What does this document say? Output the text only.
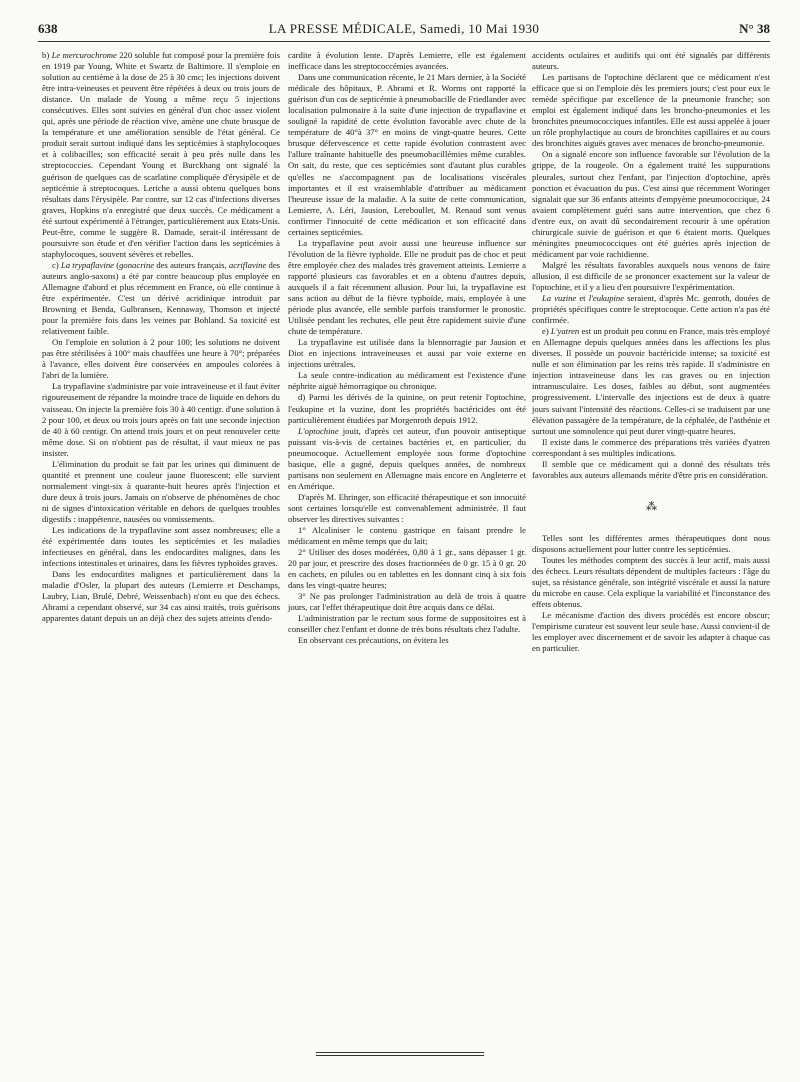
638	LA PRESSE MÉDICALE, Samedi, 10 Mai 1930	N° 38

b) Le mercurochrome 220 soluble fut composé pour la première fois en 1919 par Young, White et Swartz de Baltimore. Il s'emploie en solution au centième à la dose de 25 à 30 cmc; les injections doivent être intra-veineuses et peuvent être répétées à deux ou trois jours de distance. Un malade de Young a même reçu 5 injections consécutives. Elles sont suivies en général d'un choc assez violent qui, après une période de réaction vive, amène une chute brusque de la température et une amélioration sensible de l'état général. Ce produit serait surtout indiqué dans les septicémies à staphylocoques et à colibacilles; son efficacité serait à peu près nulle dans les streptococcies. Cependant Young et Burckhang ont signalé la guérison de quelques cas de scarlatine compliquée d'érysipèle et de septicémie à streptocoques. Leriche a aussi obtenu quelques bons résultats dans l'érysipèle. Par contre, sur 12 cas d'infections diverses graves, Hopkins n'a enregistré que deux succès. Ce médicament a été surtout expérimenté à l'étranger, particulièrement aux Etats-Unis. Peut-être, comme le suggère R. Damade, serait-il intéressant de poursuivre son étude et d'en vérifier l'action dans les septicémies à staphylocoques, souvent sévères et rebelles.

c) La trypaflavine (gonacrine des auteurs français, acriflavine des auteurs anglo-saxons) a été par contre beaucoup plus employée en Allemagne d'abord et plus récemment en France, où elle continue à être expérimentée. C'est un dérivé acridinique introduit par Browning et Benda, Gulbransen, Kennaway, Thomson et injecté pour la première fois dans les veines par Bohland. Sa toxicité est relativement faible.

On l'emploie en solution à 2 pour 100; les solutions ne doivent pas être stérilisées à 100° mais chauffées une heure à 70°; préparées à l'avance, elles doivent être conservées en ampoules colorées à l'abri de la lumière.

La trypaflavine s'administre par voie intraveineuse et il faut éviter rigoureusement de répandre la moindre trace de liquide en dehors du vaisseau. On injecte la première fois 30 à 40 centigr. d'une solution à 2 pour 100, et deux ou trois jours après on fait une seconde injection de 40 à 60 centigr. On attend trois jours et on peut renouveler cette même dose. Si on n'obtient pas de résultat, il vaut mieux ne pas insister.

L'élimination du produit se fait par les urines qui diminuent de quantité et prennent une couleur jaune fluorescent; elle survient normalement vingt-six à quarante-huit heures après l'injection et dure deux à trois jours. Jamais on n'observe de phénomènes de choc ni de signes d'intoxication véritable en dehors de quelques troubles digestifs : inappétence, nausées ou vomissements.

Les indications de la trypaflavine sont assez nombreuses; elle a été expérimentée dans toutes les septicémies et les maladies infectieuses en général, dans les endocardites malignes, dans les infections intestinales et urinaires, dans les fièvres typhoïdes graves.

Dans les endocardites malignes et particulièrement dans la maladie d'Osler, la plupart des auteurs (Lemierre et Deschamps, Laubry, Lian, Brulé, Debré, Weissenbach) n'ont eu que des échecs. Abrami a cependant observé, sur 34 cas ainsi traités, trois guérisons apparentes datant depuis un an déjà chez des sujets atteints d'endo-

cardite à évolution lente. D'après Lemierre, elle est également inefficace dans les streptococcémies avancées.

Dans une communication récente, le 21 Mars dernier, à la Société médicale des hôpitaux, P. Abrami et R. Worms ont rapporté la guérison d'un cas de septicémie à pneumobacille de Friedlander avec localisation pulmonaire à la suite d'une injection de trypaflavine et souligné la rapidité de cette évolution favorable avec chute de la température de 40°à 37° en moins de vingt-quatre heures. Cette brusque défervescence et cette rapide évolution contrastent avec l'allure traînante habituelle des pneumobacillémies même curables. On sait, du reste, que ces septicémies sont d'autant plus curables qu'elles ne s'accompagnent pas de localisations viscérales importantes et il est vraisemblable d'attribuer au médicament l'heureuse issue de la maladie. A la suite de cette communication, Lemierre, A. Léri, Jausion, Lereboullet, M. Renaud sont venus confirmer l'innocuité de cette médication et son efficacité dans certaines septicémies.

La trypaflavine peut avoir aussi une heureuse influence sur l'évolution de la fièvre typhoïde. Elle ne produit pas de choc et peut être employée chez des malades très gravement atteints. Lemierre a rapporté plusieurs cas favorables et en a obtenu d'autres depuis, auxquels il a fait récemment allusion. Pour lui, la trypaflavine est sans action au début de la fièvre typhoïde, mais, employée à une période plus avancée, elle semble parfois transformer le pronostic. Utilisée pendant les rechutes, elle peut être rapidement suivie d'une chute de température.

La trypaflavine est utilisée dans la blennorragie par Jausion et Diot en injections intraveineuses et aussi par voie externe en injections urétrales.

La seule contre-indication au médicament est l'existence d'une néphrite aiguë hémorragique ou chronique.

d) Parmi les dérivés de la quinine, on peut retenir l'optochine, l'eukupine et la vuzine, dont les propriétés bactéricides ont été particulièrement étudiées par Morgenroth depuis 1912.

L'optochine jouit, d'après cet auteur, d'un pouvoir antiseptique puissant vis-à-vis de certaines bactéries et, en particulier, du pneumocoque. Actuellement employée sous forme d'optochine basique, elle a gagné, depuis quelques années, de nombreux partisans non seulement en Allemagne mais encore en Angleterre et en Amérique.

D'après M. Ehringer, son efficacité thérapeutique et son innocuité sont certaines lorsqu'elle est convenablement administrée. Il faut observer les directives suivantes :

1° Alcaliniser le contenu gastrique en faisant prendre le médicament en même temps que du lait;

2° Utiliser des doses modérées, 0,80 à 1 gr., sans dépasser 1 gr. 20 par jour, et prescrire des doses fractionnées de 0 gr. 15 à 0 gr. 20 en cachets, en pilules ou en tablettes en les donnant cinq à six fois dans les vingt-quatre heures;

3° Ne pas prolonger l'administration au delà de trois à quatre jours, car l'effet thérapeutique doit être acquis dans ce délai.

L'administration par le rectum sous forme de suppositoires est à conseiller chez l'enfant et donne de très bons résultats chez l'adulte.

En observant ces précautions, on évitera les

accidents oculaires et auditifs qui ont été signalés par différents auteurs.

Les partisans de l'optochine déclarent que ce médicament n'est efficace que si on l'emploie dès les premiers jours; c'est pour eux le remède spécifique par excellence de la pneumonie franche; son emploi est également indiqué dans les broncho-pneumonies et les bronchites pneumococciques infantiles. Elle est aussi appelée à jouer un rôle prophylactique au cours de bronchites capillaires et au cours des bronchites aiguës graves avec menaces de broncho-pneumonie.

On a signalé encore son influence favorable sur l'évolution de la grippe, de la rougeole. On a également traité les suppurations pleurales, surtout chez l'enfant, par l'injection d'optochine, après ponction et évacuation du pus. C'est ainsi que récemment Woringer signalait que sur 36 enfants atteints d'empyème pneumococcique, 24 avaient complètement guéri sans autre intervention, que chez 6 d'entre eux, on avait dû secondairement recourir à une opération chirurgicale suivie de guérison et que 6 étaient morts. Quelques méningites pneumococciques ont été guéries après injection de médicament par voie rachidienne.

Malgré les résultats favorables auxquels nous venons de faire allusion, il est difficile de se prononcer exactement sur la valeur de l'optochine, et il y a lieu d'en poursuivre l'expérimentation.

La vuzine et l'eukupine seraient, d'après Mc. genroth, douées de propriétés spécifiques contre le streptocoque. Cette action n'a pas été confirmée.

e) L'yatren est un produit peu connu en France, mais très employé en Allemagne depuis quelques années dans les affections les plus diverses. Il possède un pouvoir bactéricide intense; sa toxicité est nulle et son élimination par les reins très rapide. Il s'administre en injection intraveineuse dans les cas graves ou en injection intramusculaire. Les doses, faibles au début, sont augmentées progressivement. L'intervalle des injections est de deux à quatre jours suivant l'intensité des réactions. Celles-ci se traduisent par une élévation passagère de la température, de la céphalée, de l'asthénie et surtout une somnolence qui peut durer vingt-quatre heures.

Il existe dans le commerce des préparations très variées d'yatren correspondant à ses multiples indications.

Il semble que ce médicament qui a donné des résultats très favorables aux auteurs allemands mérite d'être pris en considération.

⁂

Telles sont les différentes armes thérapeutiques dont nous disposons actuellement pour lutter contre les septicémies.

Toutes les méthodes comptent des succès à leur actif, mais aussi des échecs. Leurs résultats dépendent de multiples facteurs : l'âge du sujet, sa résistance générale, son intégrité viscérale et aussi la nature du microbe en cause. Cela explique la variabilité et l'inconstance des effets obtenus.

Le mécanisme d'action des divers procédés est encore obscur; l'empirisme curateur est souvent leur seule base. Aussi convient-il de les employer avec discernement et de savoir les adapter à chaque cas en particulier.
